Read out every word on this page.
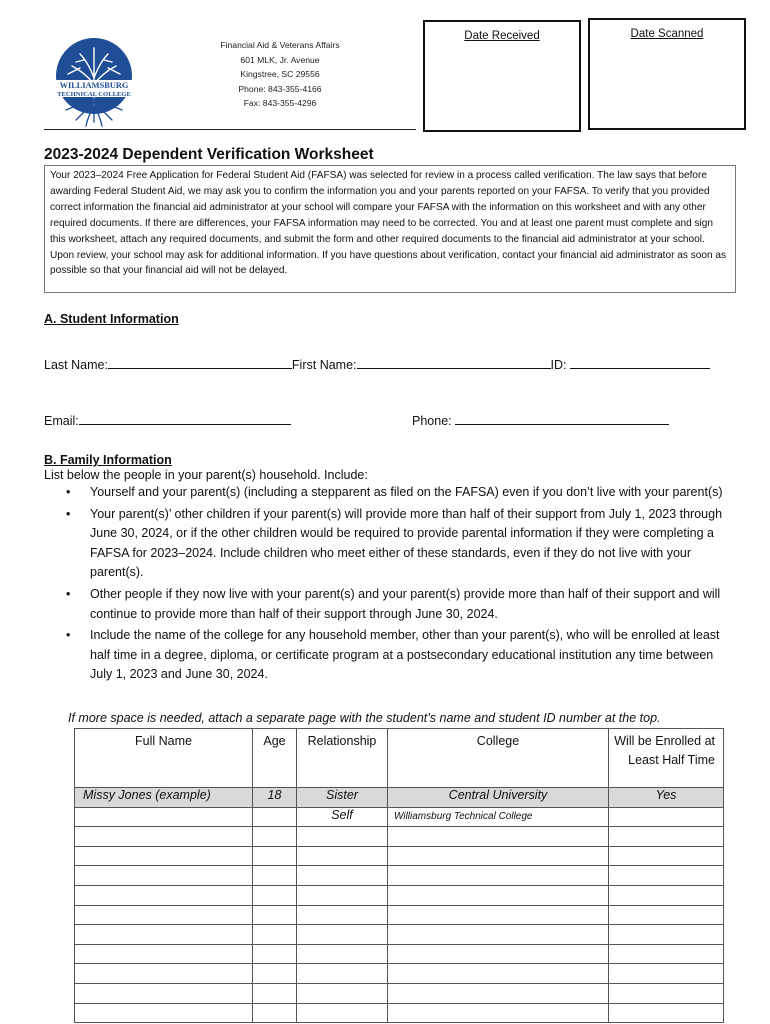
WILLIAMSBURG
TECHNICAL COLLEGE
Financial Aid & Veterans Affairs
601 MLK, Jr. Avenue
Kingstree, SC 29556
Phone: 843-355-4166
Fax: 843-355-4296
Date Received	Date Scanned
2023-2024 Dependent Verification Worksheet
Your 2023–2024 Free Application for Federal Student Aid (FAFSA) was selected for review in a process called verification. The law says that before awarding Federal Student Aid, we may ask you to confirm the information you and your parents reported on your FAFSA. To verify that you provided correct information the financial aid administrator at your school will compare your FAFSA with the information on this worksheet and with any other required documents. If there are differences, your FAFSA information may need to be corrected. You and at least one parent must complete and sign this worksheet, attach any required documents, and submit the form and other required documents to the financial aid administrator at your school. Upon review, your school may ask for additional information. If you have questions about verification, contact your financial aid administrator as soon as possible so that your financial aid will not be delayed.
A. Student Information
Last Name:	First Name:	ID:
Email:	Phone:
B. Family Information
List below the people in your parent(s) household. Include:
• Yourself and your parent(s) (including a stepparent as filed on the FAFSA) even if you don’t live with your parent(s)
• Your parent(s)’ other children if your parent(s) will provide more than half of their support from July 1, 2023 through June 30, 2024, or if the other children would be required to provide parental information if they were completing a FAFSA for 2023–2024. Include children who meet either of these standards, even if they do not live with your parent(s).
• Other people if they now live with your parent(s) and your parent(s) provide more than half of their support and will continue to provide more than half of their support through June 30, 2024.
• Include the name of the college for any household member, other than your parent(s), who will be enrolled at least half time in a degree, diploma, or certificate program at a postsecondary educational institution any time between July 1, 2023 and June 30, 2024.
If more space is needed, attach a separate page with the student’s name and student ID number at the top.
Full Name	Age	Relationship	College	Will be Enrolled at Least Half Time
Missy Jones (example)	18	Sister	Central University	Yes
		Self	Williamsburg Technical College	
